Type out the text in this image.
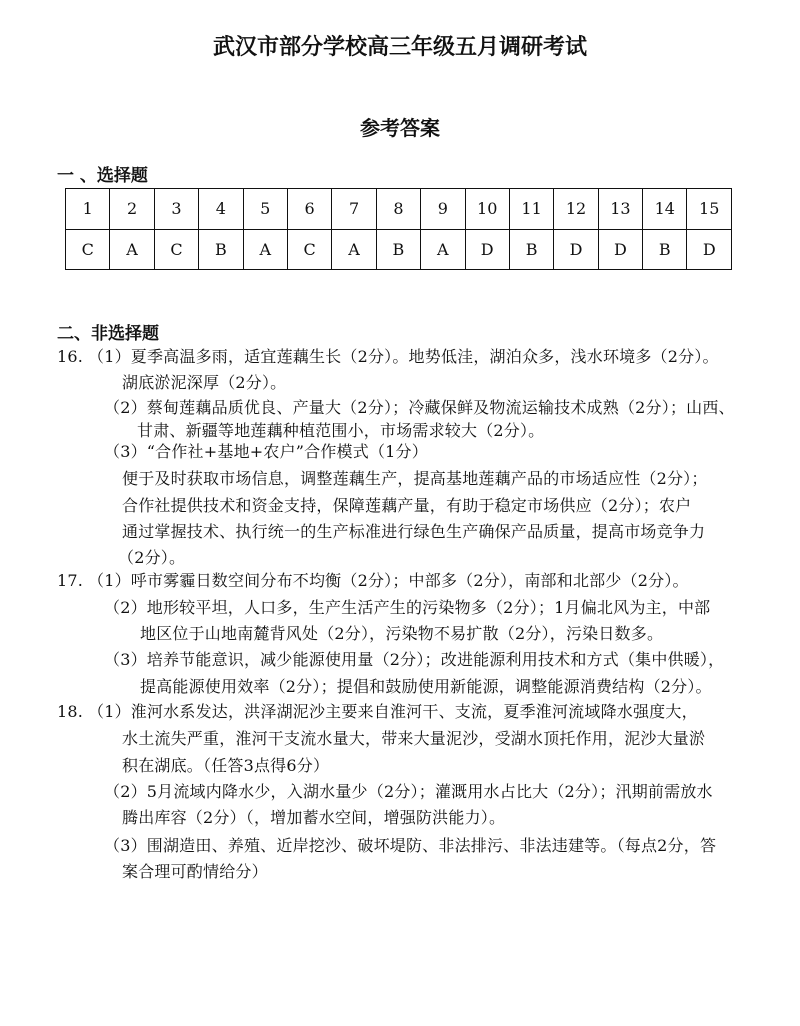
武汉市部分学校高三年级五月调研考试
参考答案
一 、选择题
1	2	3	4	5	6	7	8	9	10	11	12	13	14	15
C	A	C	B	A	C	A	B	A	D	B	D	D	B	D
二、非选择题
16. （1）夏季高温多雨，适宜莲藕生长（2分）。地势低洼，湖泊众多，浅水环境多（2分）。
湖底淤泥深厚（2分）。
（2）蔡甸莲藕品质优良、产量大（2分）；冷藏保鲜及物流运输技术成熟（2分）；山西、
甘肃、新疆等地莲藕种植范围小，市场需求较大（2分）。
（3）“合作社+基地+农户”合作模式（1分）
便于及时获取市场信息，调整莲藕生产，提高基地莲藕产品的市场适应性（2分）；
合作社提供技术和资金支持，保障莲藕产量，有助于稳定市场供应（2分）；农户
通过掌握技术、执行统一的生产标准进行绿色生产确保产品质量，提高市场竞争力
（2分）。
17. （1）呼市雾霾日数空间分布不均衡（2分）；中部多（2分），南部和北部少（2分）。
（2）地形较平坦，人口多，生产生活产生的污染物多（2分）；1月偏北风为主，中部
地区位于山地南麓背风处（2分），污染物不易扩散（2分），污染日数多。
（3）培养节能意识，减少能源使用量（2分）；改进能源利用技术和方式（集中供暖），
提高能源使用效率（2分）；提倡和鼓励使用新能源，调整能源消费结构（2分）。
18. （1）淮河水系发达，洪泽湖泥沙主要来自淮河干、支流，夏季淮河流域降水强度大，
水土流失严重，淮河干支流水量大，带来大量泥沙，受湖水顶托作用，泥沙大量淤
积在湖底。（任答3点得6分）
（2）5月流域内降水少，入湖水量少（2分）；灌溉用水占比大（2分）；汛期前需放水
腾出库容（2分）（，增加蓄水空间，增强防洪能力）。
（3）围湖造田、养殖、近岸挖沙、破坏堤防、非法排污、非法违建等。（每点2分，答
案合理可酌情给分）
